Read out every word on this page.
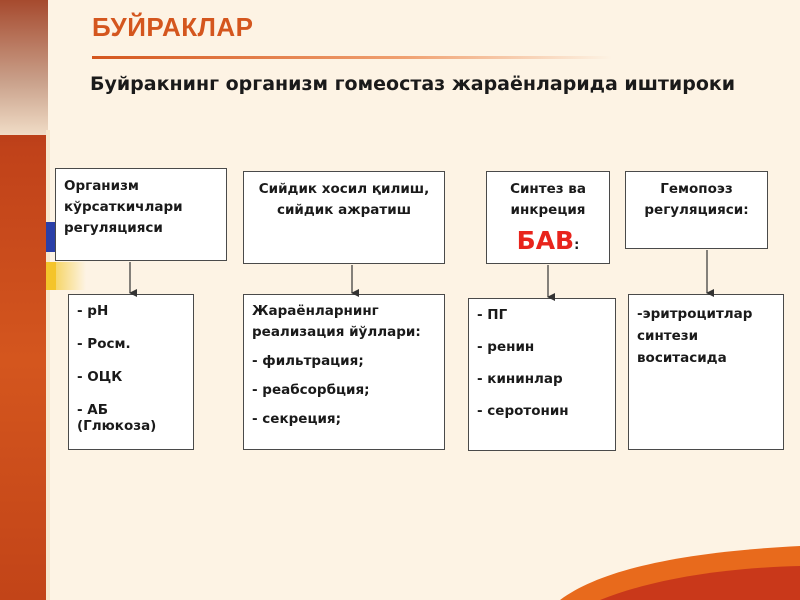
БУЙРАКЛАР
Буйракнинг организм гомеостаз жараёнларида иштироки
Организм
кўрсаткичлари
регуляцияси
Сийдик хосил қилиш,
сийдик ажратиш
Синтез ва
инкреция
БАВ:
Гемопоэз
регуляцияси:
- pH
- Pосм.
- ОЦК
- АБ (Глюкоза)
Жараёнларнинг
реализация йўллари:
- фильтрация;
- реабсорбция;
- секреция;
- ПГ
- ренин
- кининлар
- серотонин
-эритроцитлар
синтези
воситасида
